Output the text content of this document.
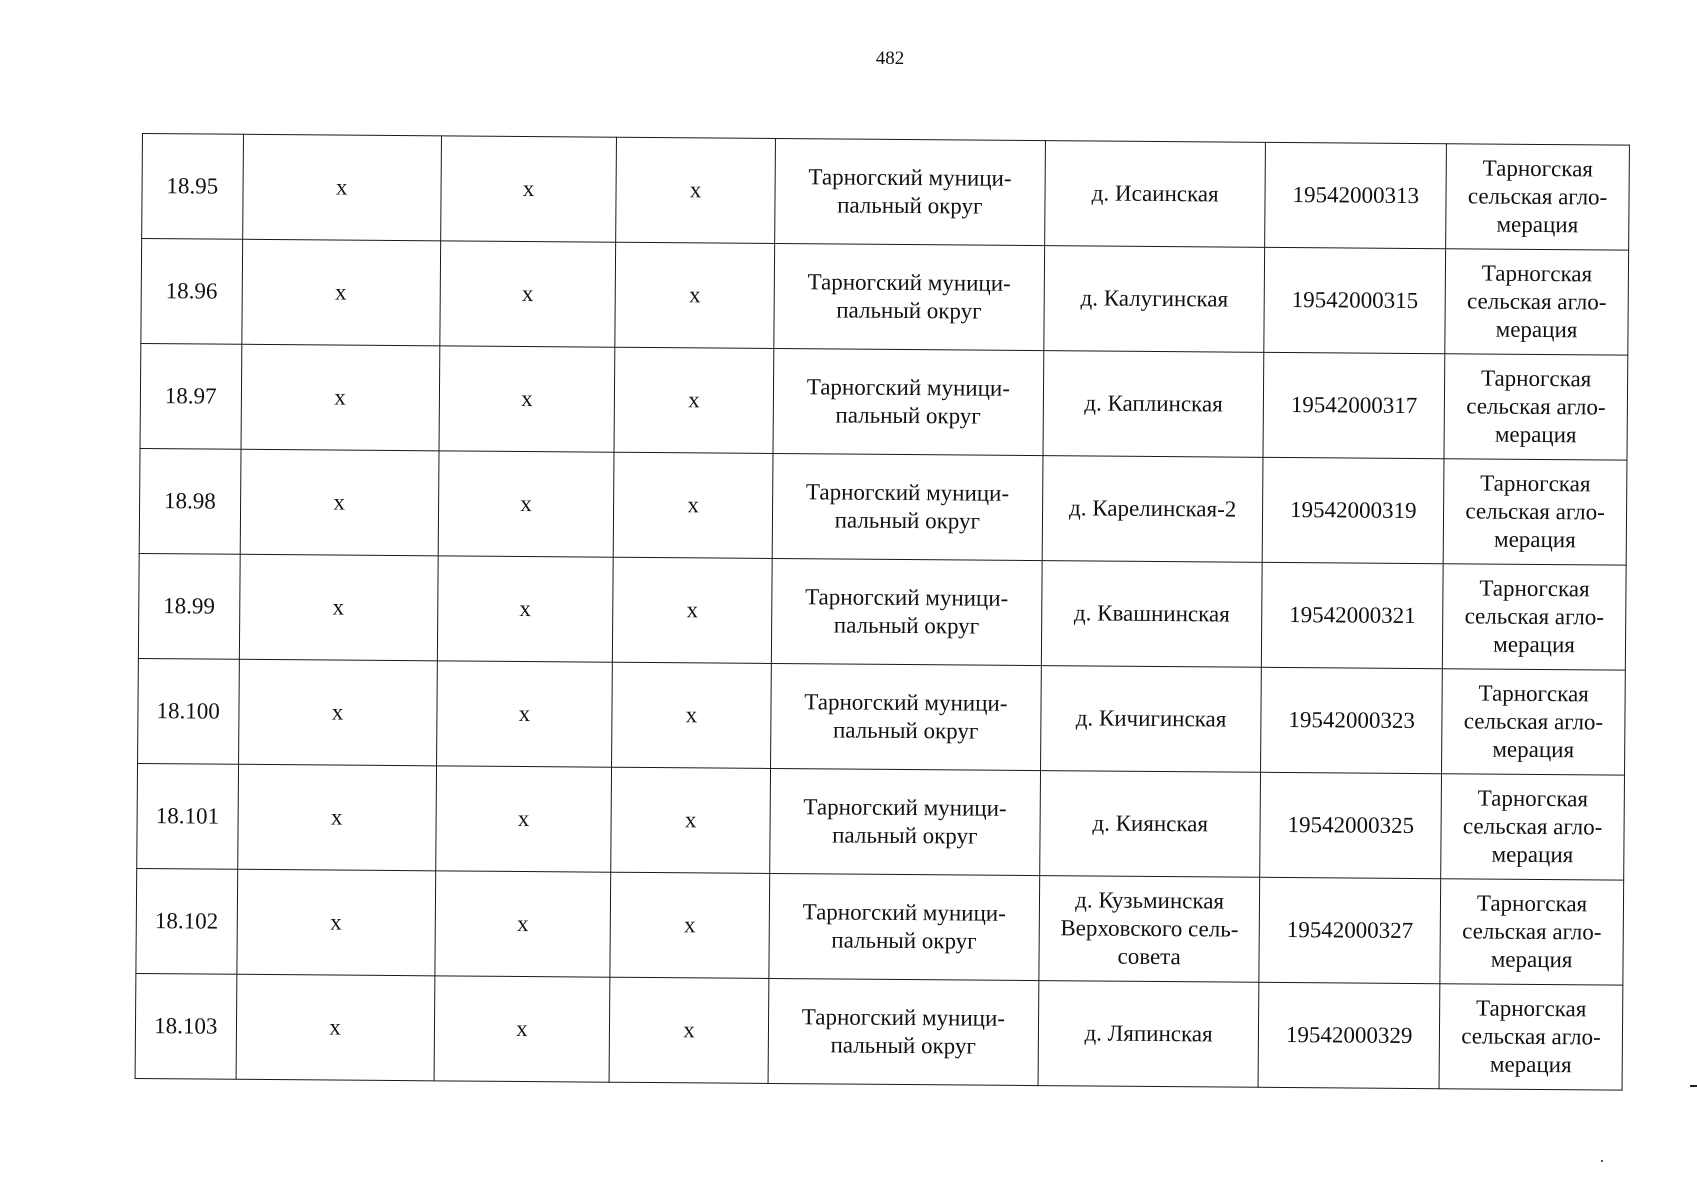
482
18.95	х	х	х	Тарногский муници-
пальный округ	д. Исаинская	19542000313	Тарногская
сельская агло-
мерация
18.96	х	х	х	Тарногский муници-
пальный округ	д. Калугинская	19542000315	Тарногская
сельская агло-
мерация
18.97	х	х	х	Тарногский муници-
пальный округ	д. Каплинская	19542000317	Тарногская
сельская агло-
мерация
18.98	х	х	х	Тарногский муници-
пальный округ	д. Карелинская-2	19542000319	Тарногская
сельская агло-
мерация
18.99	х	х	х	Тарногский муници-
пальный округ	д. Квашнинская	19542000321	Тарногская
сельская агло-
мерация
18.100	х	х	х	Тарногский муници-
пальный округ	д. Кичигинская	19542000323	Тарногская
сельская агло-
мерация
18.101	х	х	х	Тарногский муници-
пальный округ	д. Киянская	19542000325	Тарногская
сельская агло-
мерация
18.102	х	х	х	Тарногский муници-
пальный округ	д. Кузьминская
Верховского сель-
совета	19542000327	Тарногская
сельская агло-
мерация
18.103	х	х	х	Тарногский муници-
пальный округ	д. Ляпинская	19542000329	Тарногская
сельская агло-
мерация
